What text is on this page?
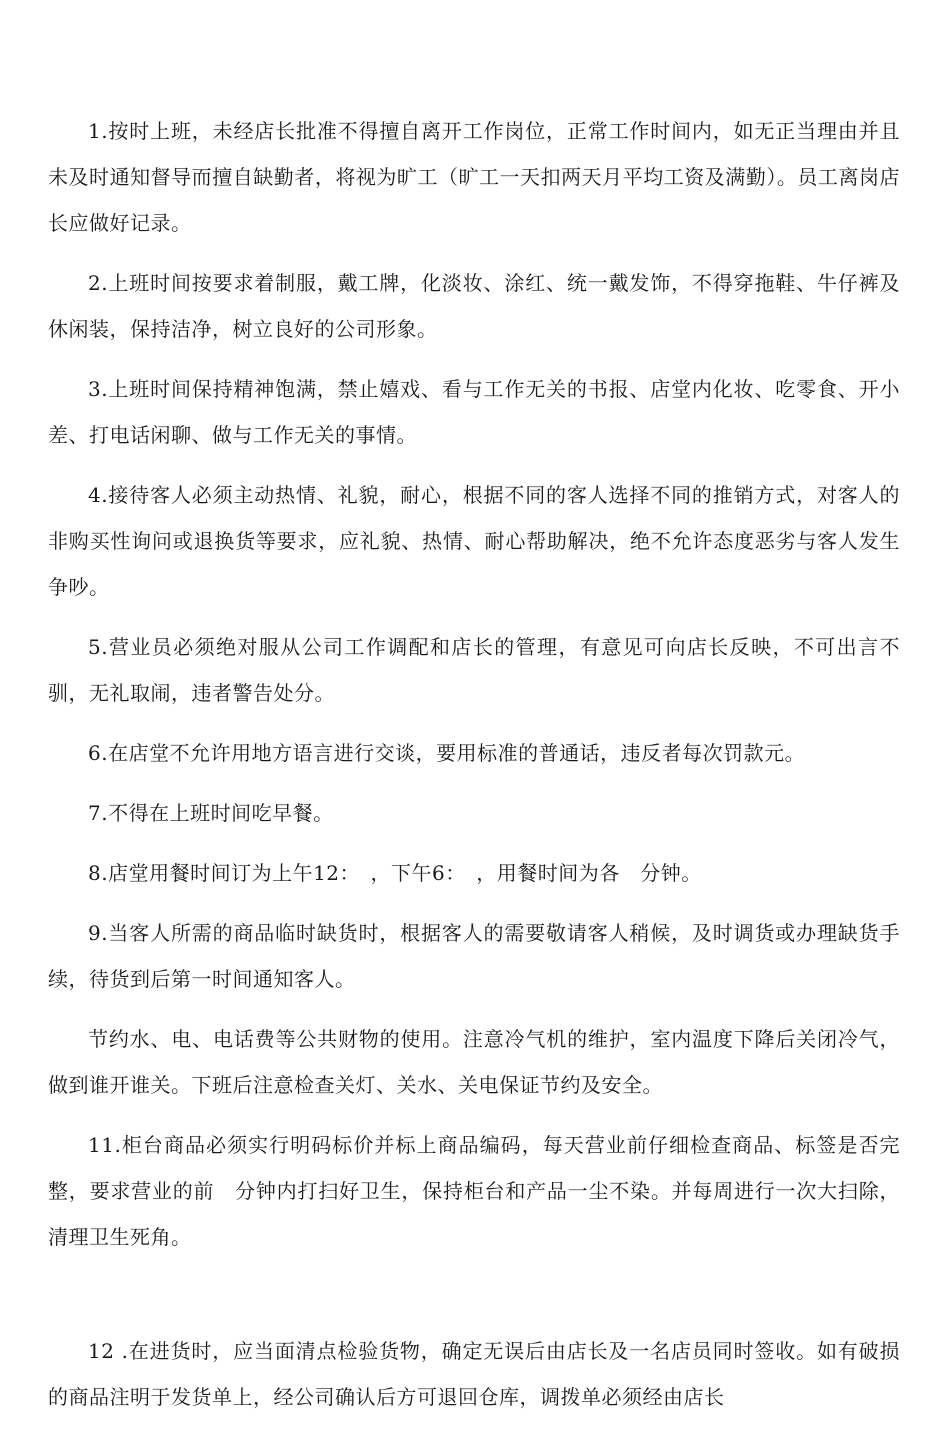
1.按时上班，未经店长批准不得擅自离开工作岗位，正常工作时间内，如无正当理由并且未及时通知督导而擅自缺勤者，将视为旷工（旷工一天扣两天月平均工资及满勤）。员工离岗店长应做好记录。

2.上班时间按要求着制服，戴工牌，化淡妆、涂红、统一戴发饰，不得穿拖鞋、牛仔裤及休闲装，保持洁净，树立良好的公司形象。

3.上班时间保持精神饱满，禁止嬉戏、看与工作无关的书报、店堂内化妆、吃零食、开小差、打电话闲聊、做与工作无关的事情。

4.接待客人必须主动热情、礼貌，耐心，根据不同的客人选择不同的推销方式，对客人的非购买性询问或退换货等要求，应礼貌、热情、耐心帮助解决，绝不允许态度恶劣与客人发生争吵。

5.营业员必须绝对服从公司工作调配和店长的管理，有意见可向店长反映，不可出言不驯，无礼取闹，违者警告处分。

6.在店堂不允许用地方语言进行交谈，要用标准的普通话，违反者每次罚款元。

7.不得在上班时间吃早餐。

8.店堂用餐时间订为上午12：　，下午6：　，用餐时间为各　分钟。

9.当客人所需的商品临时缺货时，根据客人的需要敬请客人稍候，及时调货或办理缺货手续，待货到后第一时间通知客人。

节约水、电、电话费等公共财物的使用。注意冷气机的维护，室内温度下降后关闭冷气，做到谁开谁关。下班后注意检查关灯、关水、关电保证节约及安全。

11.柜台商品必须实行明码标价并标上商品编码，每天营业前仔细检查商品、标签是否完整，要求营业的前　分钟内打扫好卫生，保持柜台和产品一尘不染。并每周进行一次大扫除，清理卫生死角。

12 .在进货时，应当面清点检验货物，确定无误后由店长及一名店员同时签收。如有破损的商品注明于发货单上，经公司确认后方可退回仓库，调拨单必须经由店长
